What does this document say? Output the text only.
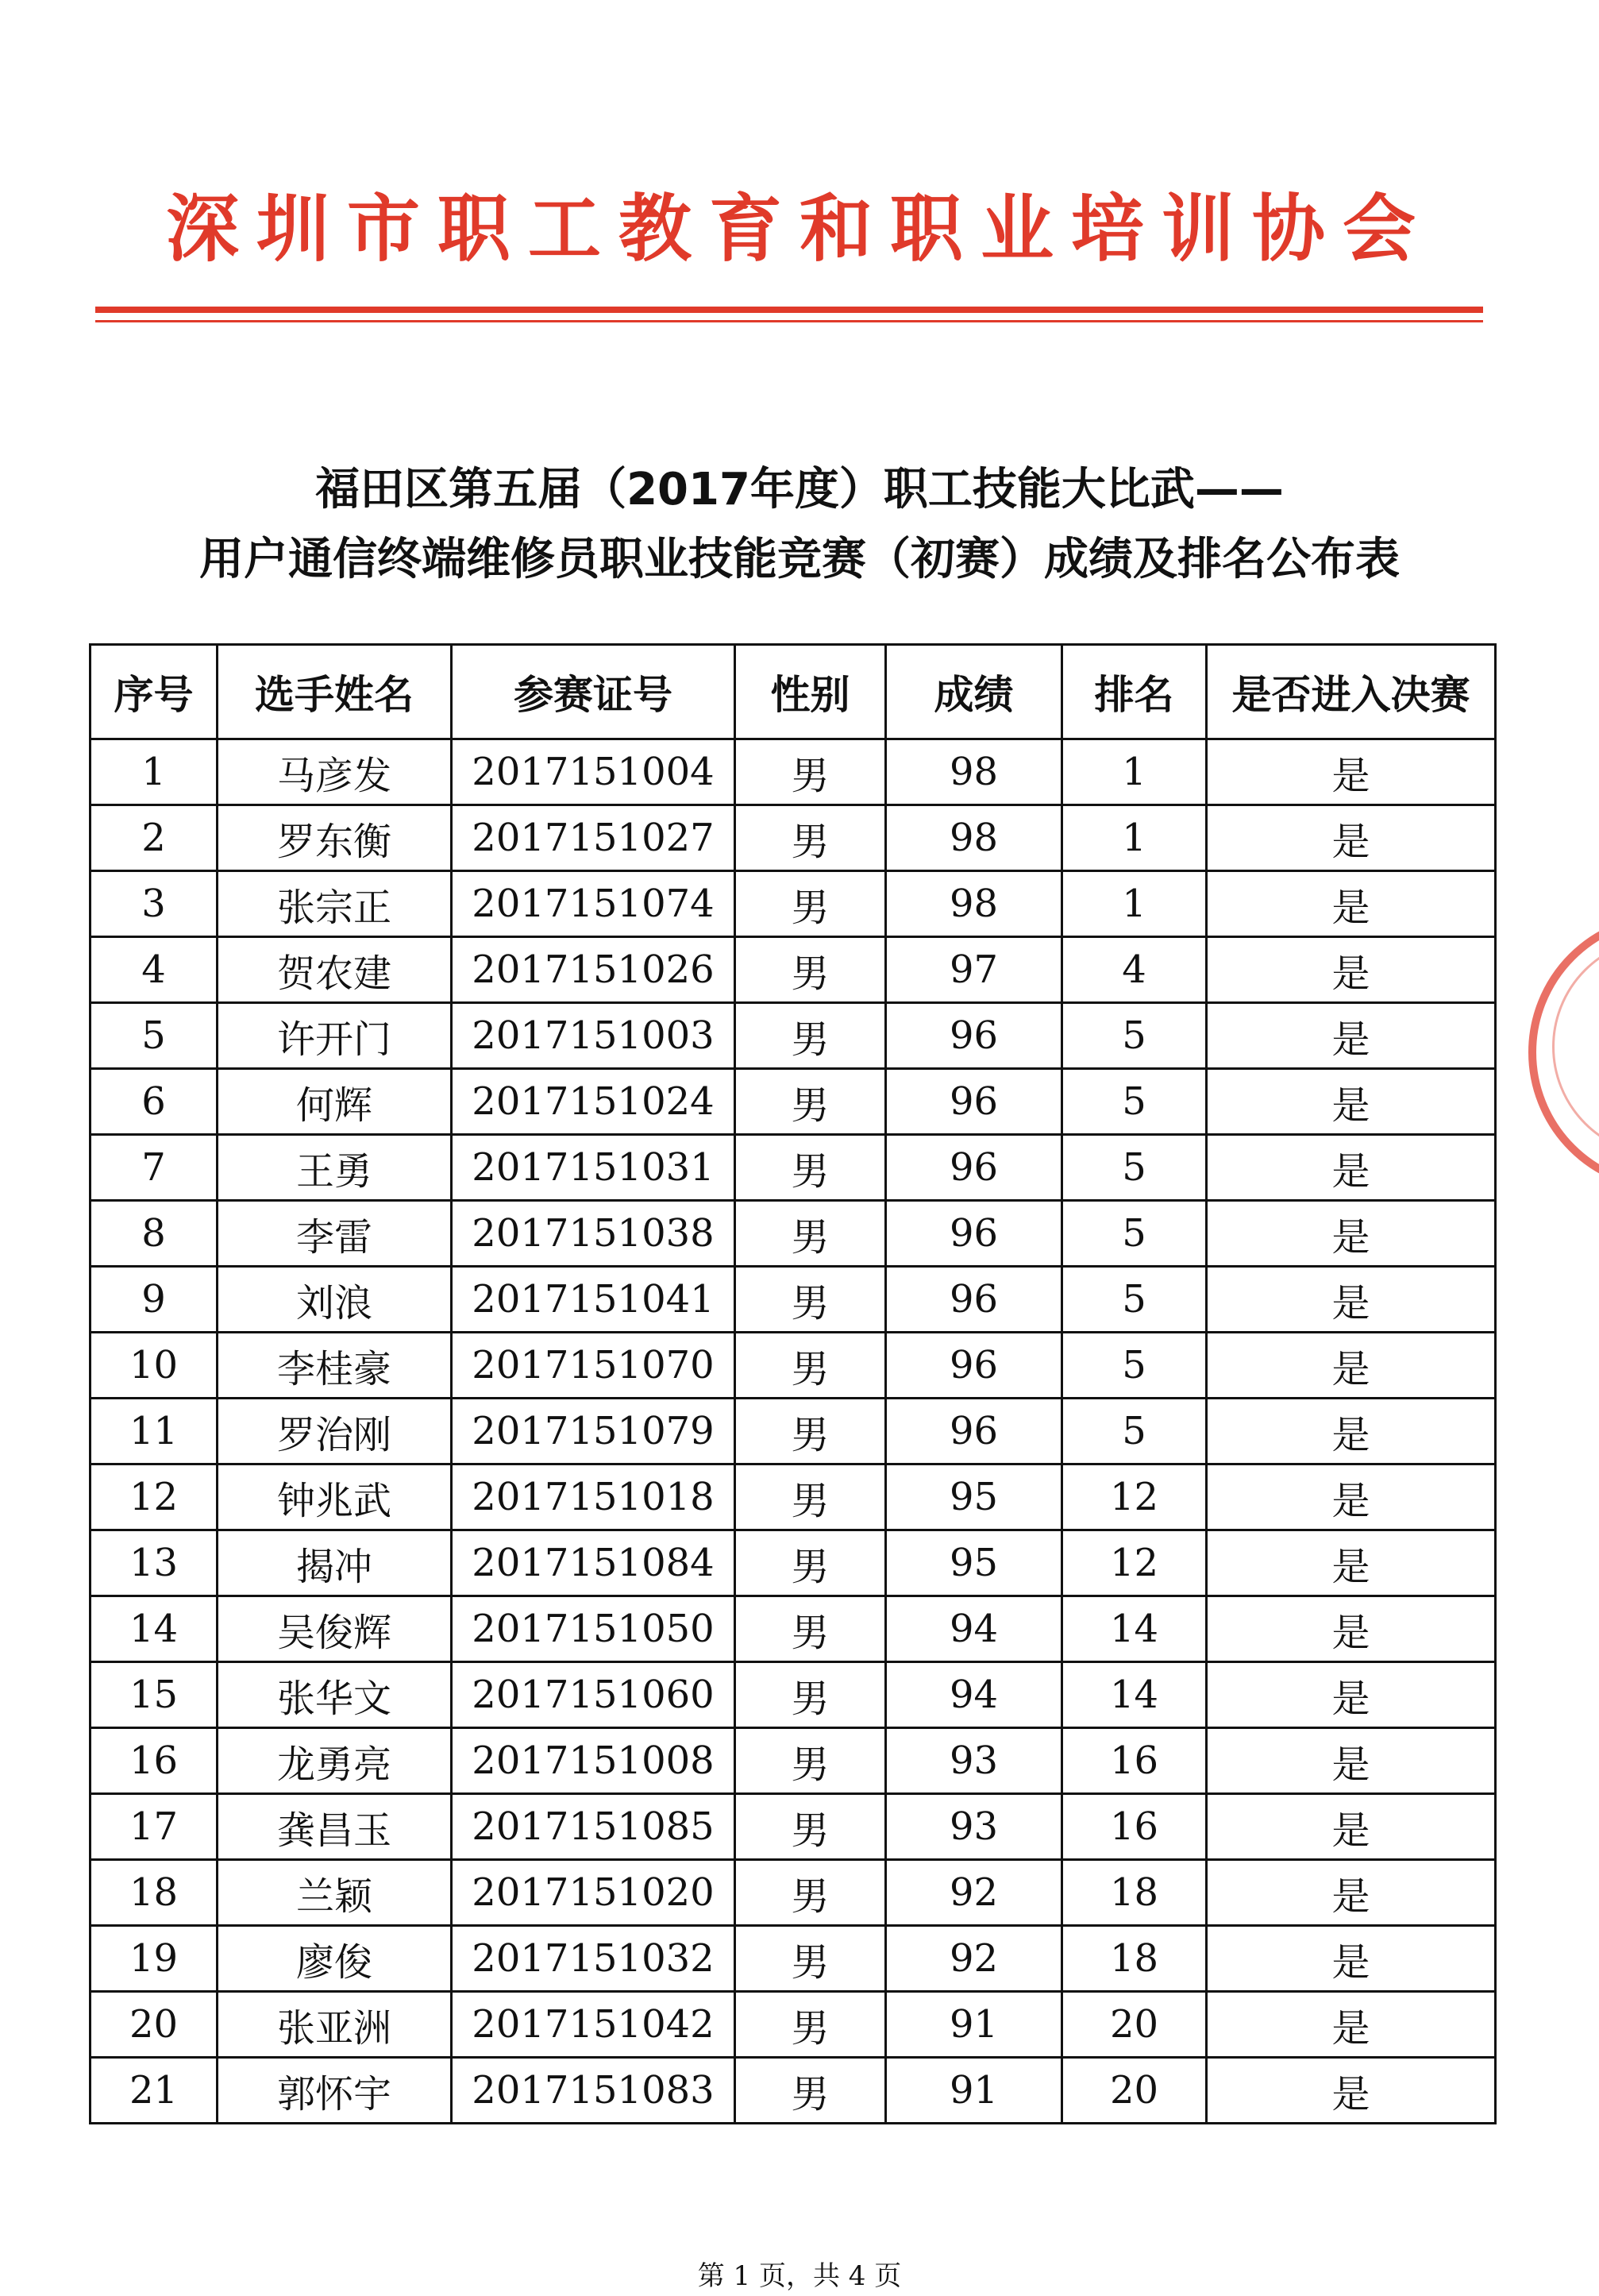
深圳市职工教育和职业培训协会
福田区第五届（2017年度）职工技能大比武——
用户通信终端维修员职业技能竞赛（初赛）成绩及排名公布表
序号	选手姓名	参赛证号	性别	成绩	排名	是否进入决赛
1	马彦发	2017151004	男	98	1	是
2	罗东衡	2017151027	男	98	1	是
3	张宗正	2017151074	男	98	1	是
4	贺农建	2017151026	男	97	4	是
5	许开门	2017151003	男	96	5	是
6	何辉	2017151024	男	96	5	是
7	王勇	2017151031	男	96	5	是
8	李雷	2017151038	男	96	5	是
9	刘浪	2017151041	男	96	5	是
10	李桂豪	2017151070	男	96	5	是
11	罗治刚	2017151079	男	96	5	是
12	钟兆武	2017151018	男	95	12	是
13	揭冲	2017151084	男	95	12	是
14	吴俊辉	2017151050	男	94	14	是
15	张华文	2017151060	男	94	14	是
16	龙勇亮	2017151008	男	93	16	是
17	龚昌玉	2017151085	男	93	16	是
18	兰颖	2017151020	男	92	18	是
19	廖俊	2017151032	男	92	18	是
20	张亚洲	2017151042	男	91	20	是
21	郭怀宇	2017151083	男	91	20	是
第 1 页，共 4 页
